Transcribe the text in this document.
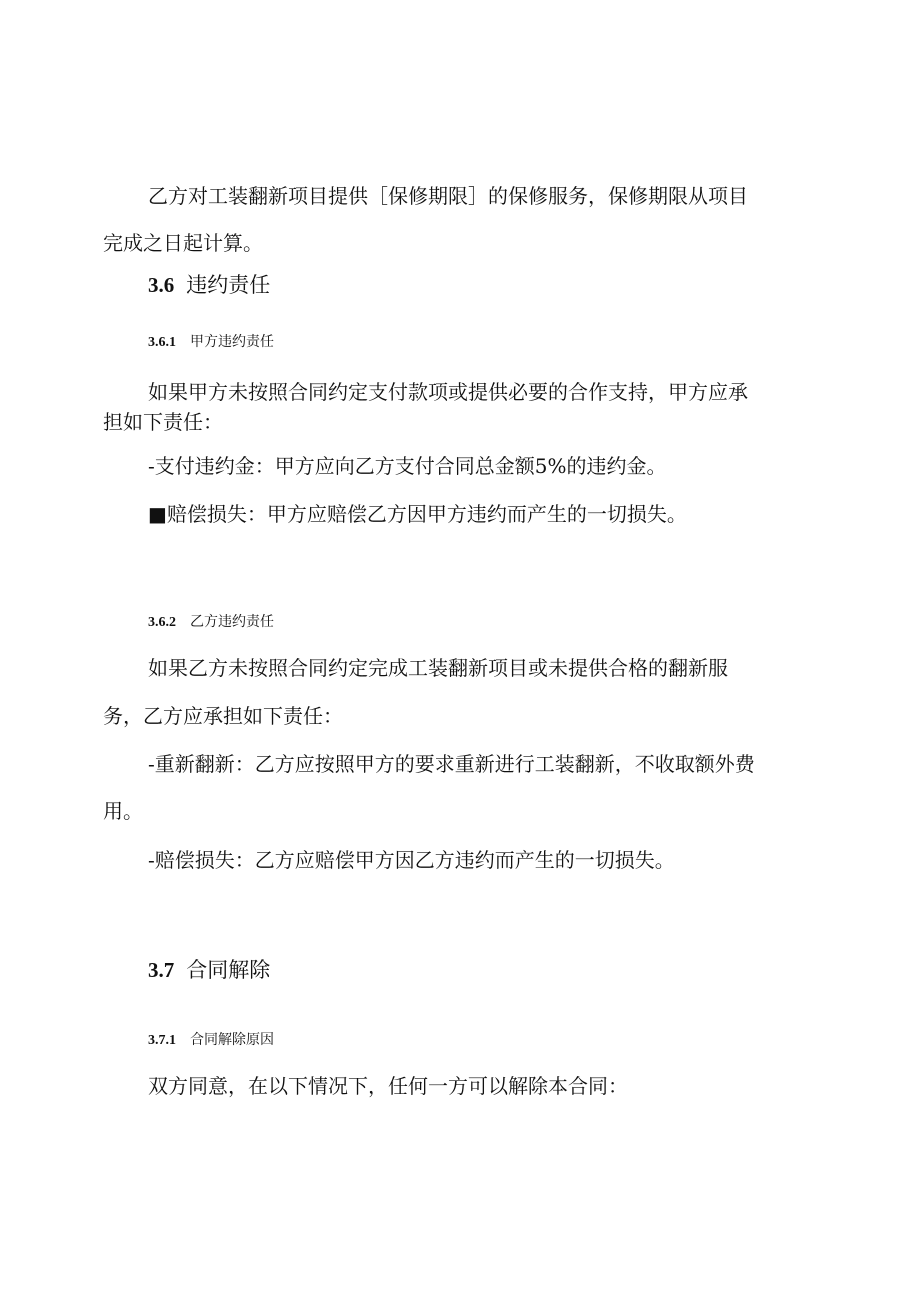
乙方对工装翻新项目提供［保修期限］的保修服务，保修期限从项目

完成之日起计算。

3.6 违约责任
3.6.1 甲方违约责任

如果甲方未按照合同约定支付款项或提供必要的合作支持，甲方应承

担如下责任：

-支付违约金：甲方应向乙方支付合同总金额5%的违约金。

■赔偿损失：甲方应赔偿乙方因甲方违约而产生的一切损失。

3.6.2 乙方违约责任

如果乙方未按照合同约定完成工装翻新项目或未提供合格的翻新服

务，乙方应承担如下责任：

-重新翻新：乙方应按照甲方的要求重新进行工装翻新，不收取额外费

用。

-赔偿损失：乙方应赔偿甲方因乙方违约而产生的一切损失。

3.7 合同解除
3.7.1 合同解除原因

双方同意，在以下情况下，任何一方可以解除本合同：
